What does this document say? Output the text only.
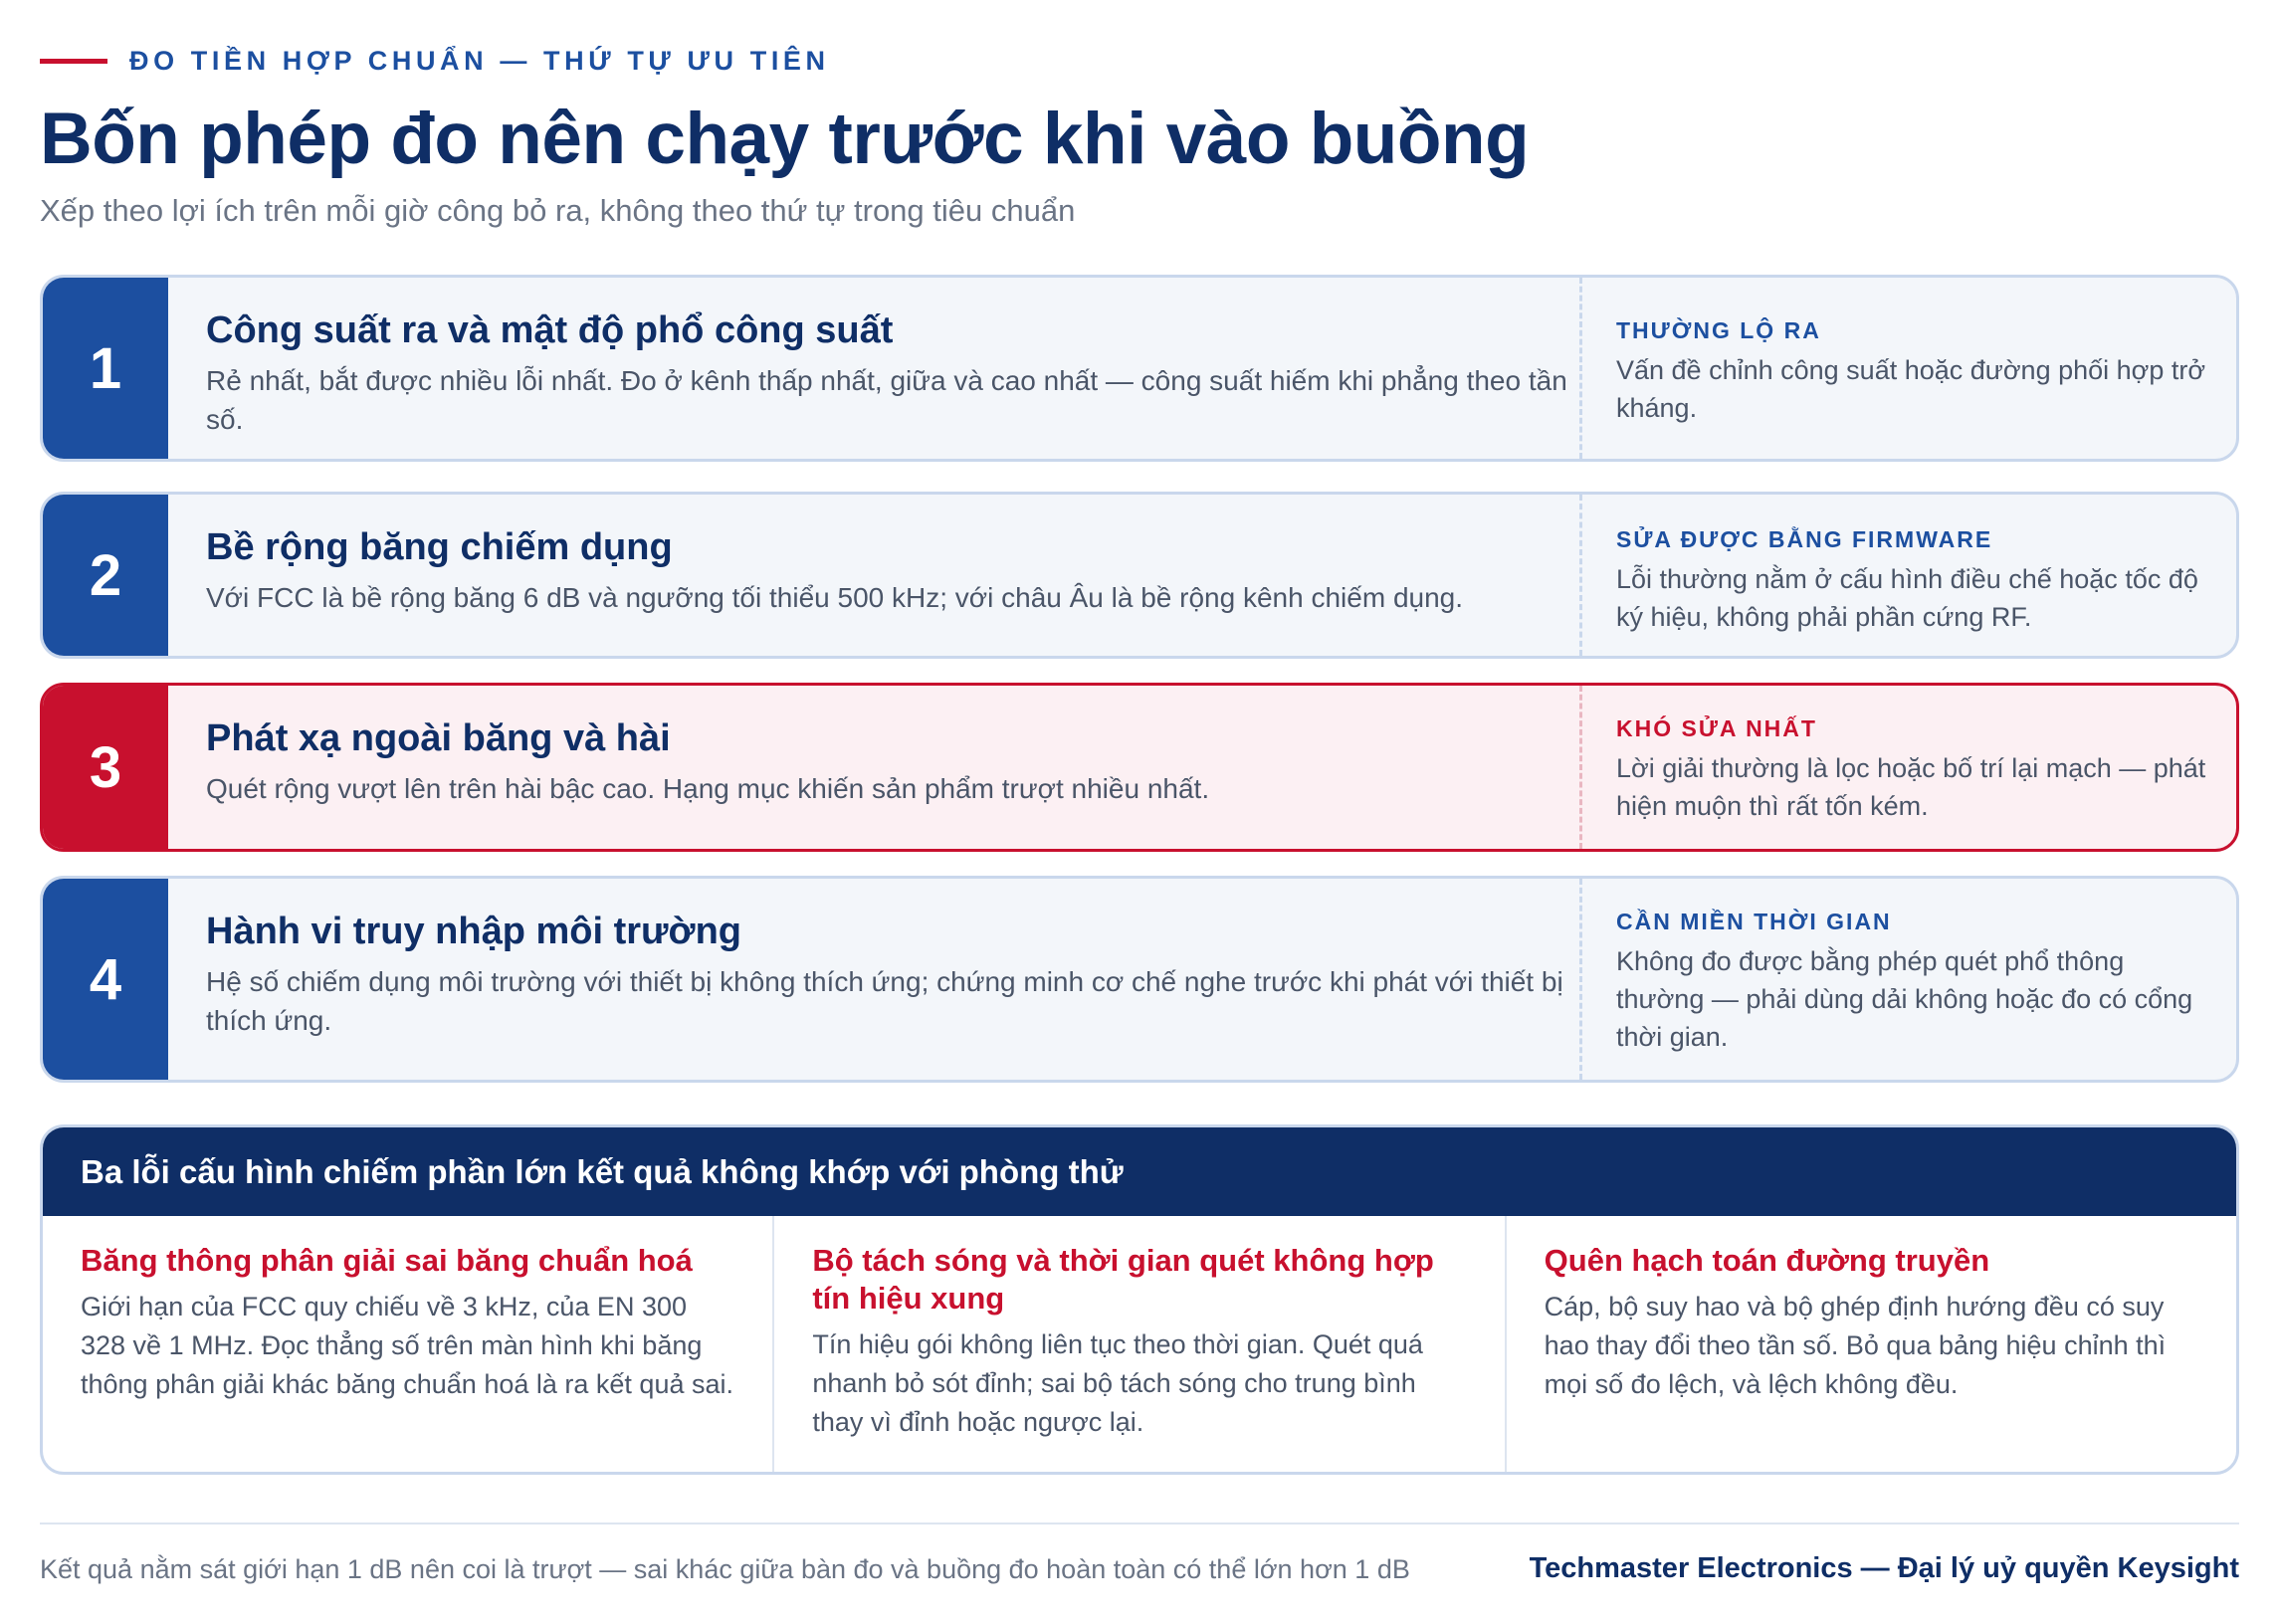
ĐO TIỀN HỢP CHUẨN — THỨ TỰ ƯU TIÊN
Bốn phép đo nên chạy trước khi vào buồng

Xếp theo lợi ích trên mỗi giờ công bỏ ra, không theo thứ tự trong tiêu chuẩn

1
Công suất ra và mật độ phổ công suất

Rẻ nhất, bắt được nhiều lỗi nhất. Đo ở kênh thấp nhất, giữa và cao nhất — công suất hiếm khi phẳng theo tần số.

THƯỜNG LỘ RA

Vấn đề chỉnh công suất hoặc đường phối hợp trở kháng.

2	Bề rộng băng chiếm dụng

Với FCC là bề rộng băng 6 dB và ngưỡng tối thiểu 500 kHz; với châu Âu là bề rộng kênh chiếm dụng.

SỬA ĐƯỢC BẰNG FIRMWARE

Lỗi thường nằm ở cấu hình điều chế hoặc tốc độ ký hiệu, không phải phần cứng RF.

3	Phát xạ ngoài băng và hài

Quét rộng vượt lên trên hài bậc cao. Hạng mục khiến sản phẩm trượt nhiều nhất.

KHÓ SỬA NHẤT

Lời giải thường là lọc hoặc bố trí lại mạch — phát hiện muộn thì rất tốn kém.

4
Hành vi truy nhập môi trường

Hệ số chiếm dụng môi trường với thiết bị không thích ứng; chứng minh cơ chế nghe trước khi phát với thiết bị thích ứng.

CẦN MIỀN THỜI GIAN

Không đo được bằng phép quét phổ thông thường — phải dùng dải không hoặc đo có cổng thời gian.

Ba lỗi cấu hình chiếm phần lớn kết quả không khớp với phòng thử
Băng thông phân giải sai băng chuẩn hoá

Giới hạn của FCC quy chiếu về 3 kHz, của EN 300 328 về 1 MHz. Đọc thẳng số trên màn hình khi băng thông phân giải khác băng chuẩn hoá là ra kết quả sai.

Bộ tách sóng và thời gian quét không hợp tín hiệu xung

Tín hiệu gói không liên tục theo thời gian. Quét quá nhanh bỏ sót đỉnh; sai bộ tách sóng cho trung bình thay vì đỉnh hoặc ngược lại.

Quên hạch toán đường truyền

Cáp, bộ suy hao và bộ ghép định hướng đều có suy hao thay đổi theo tần số. Bỏ qua bảng hiệu chỉnh thì mọi số đo lệch, và lệch không đều.

Kết quả nằm sát giới hạn 1 dB nên coi là trượt — sai khác giữa bàn đo và buồng đo hoàn toàn có thể lớn hơn 1 dB	Techmaster Electronics — Đại lý uỷ quyền Keysight
